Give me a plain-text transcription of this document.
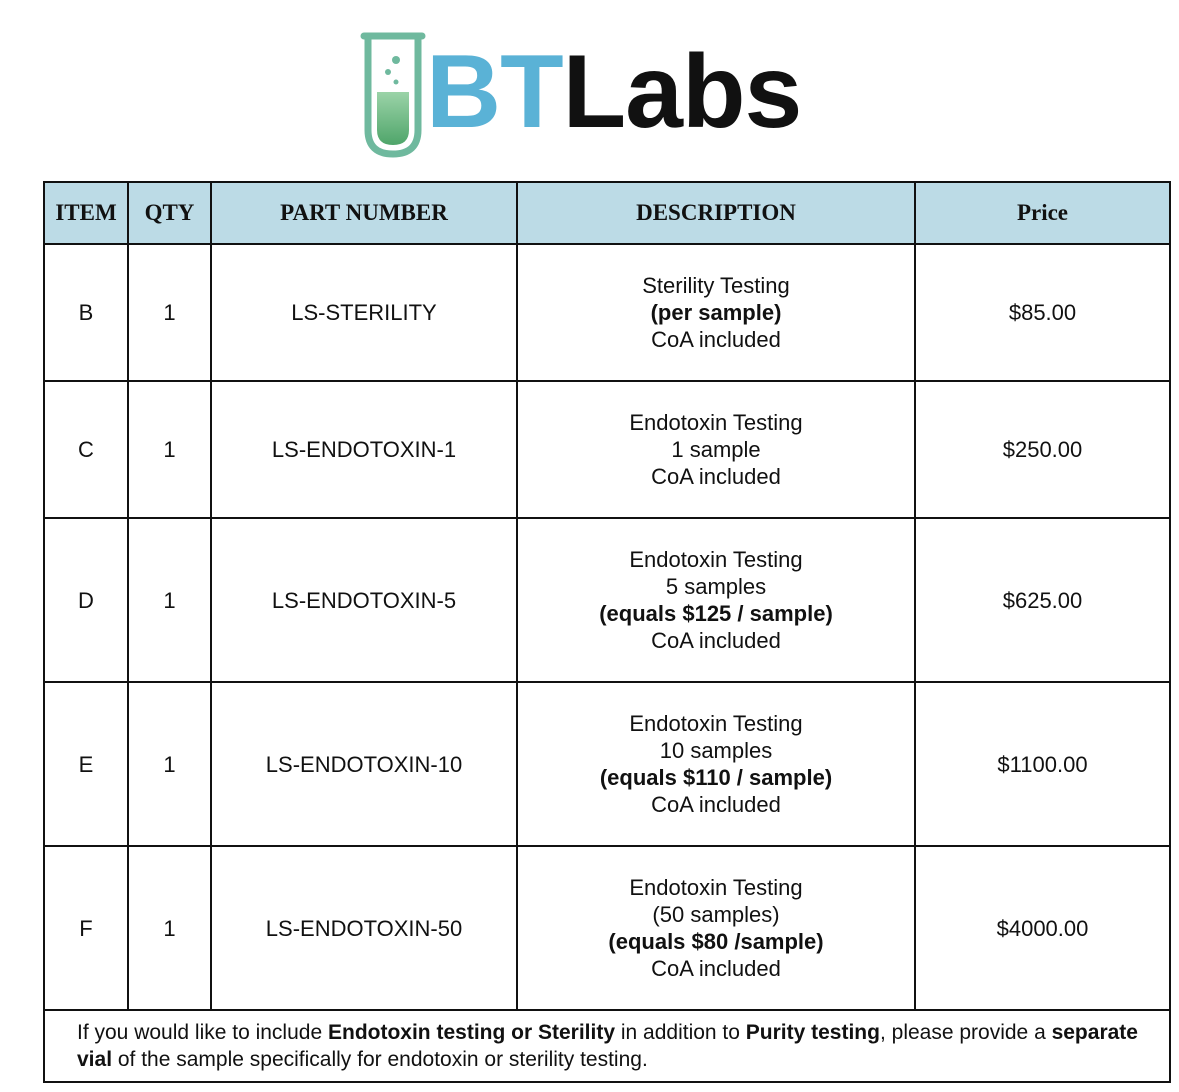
BTLabs
ITEM	QTY	PART NUMBER	DESCRIPTION	Price
B	1	LS-STERILITY	Sterility Testing
(per sample)
CoA included	$85.00
C	1	LS-ENDOTOXIN-1	Endotoxin Testing
1 sample
CoA included	$250.00
D	1	LS-ENDOTOXIN-5	Endotoxin Testing
5 samples
(equals $125 / sample)
CoA included	$625.00
E	1	LS-ENDOTOXIN-10	Endotoxin Testing
10 samples
(equals $110 / sample)
CoA included	$1100.00
F	1	LS-ENDOTOXIN-50	Endotoxin Testing
(50 samples)
(equals $80 /sample)
CoA included	$4000.00
If you would like to include Endotoxin testing or Sterility in addition to Purity testing, please provide a separate vial of the sample specifically for endotoxin or sterility testing.				
